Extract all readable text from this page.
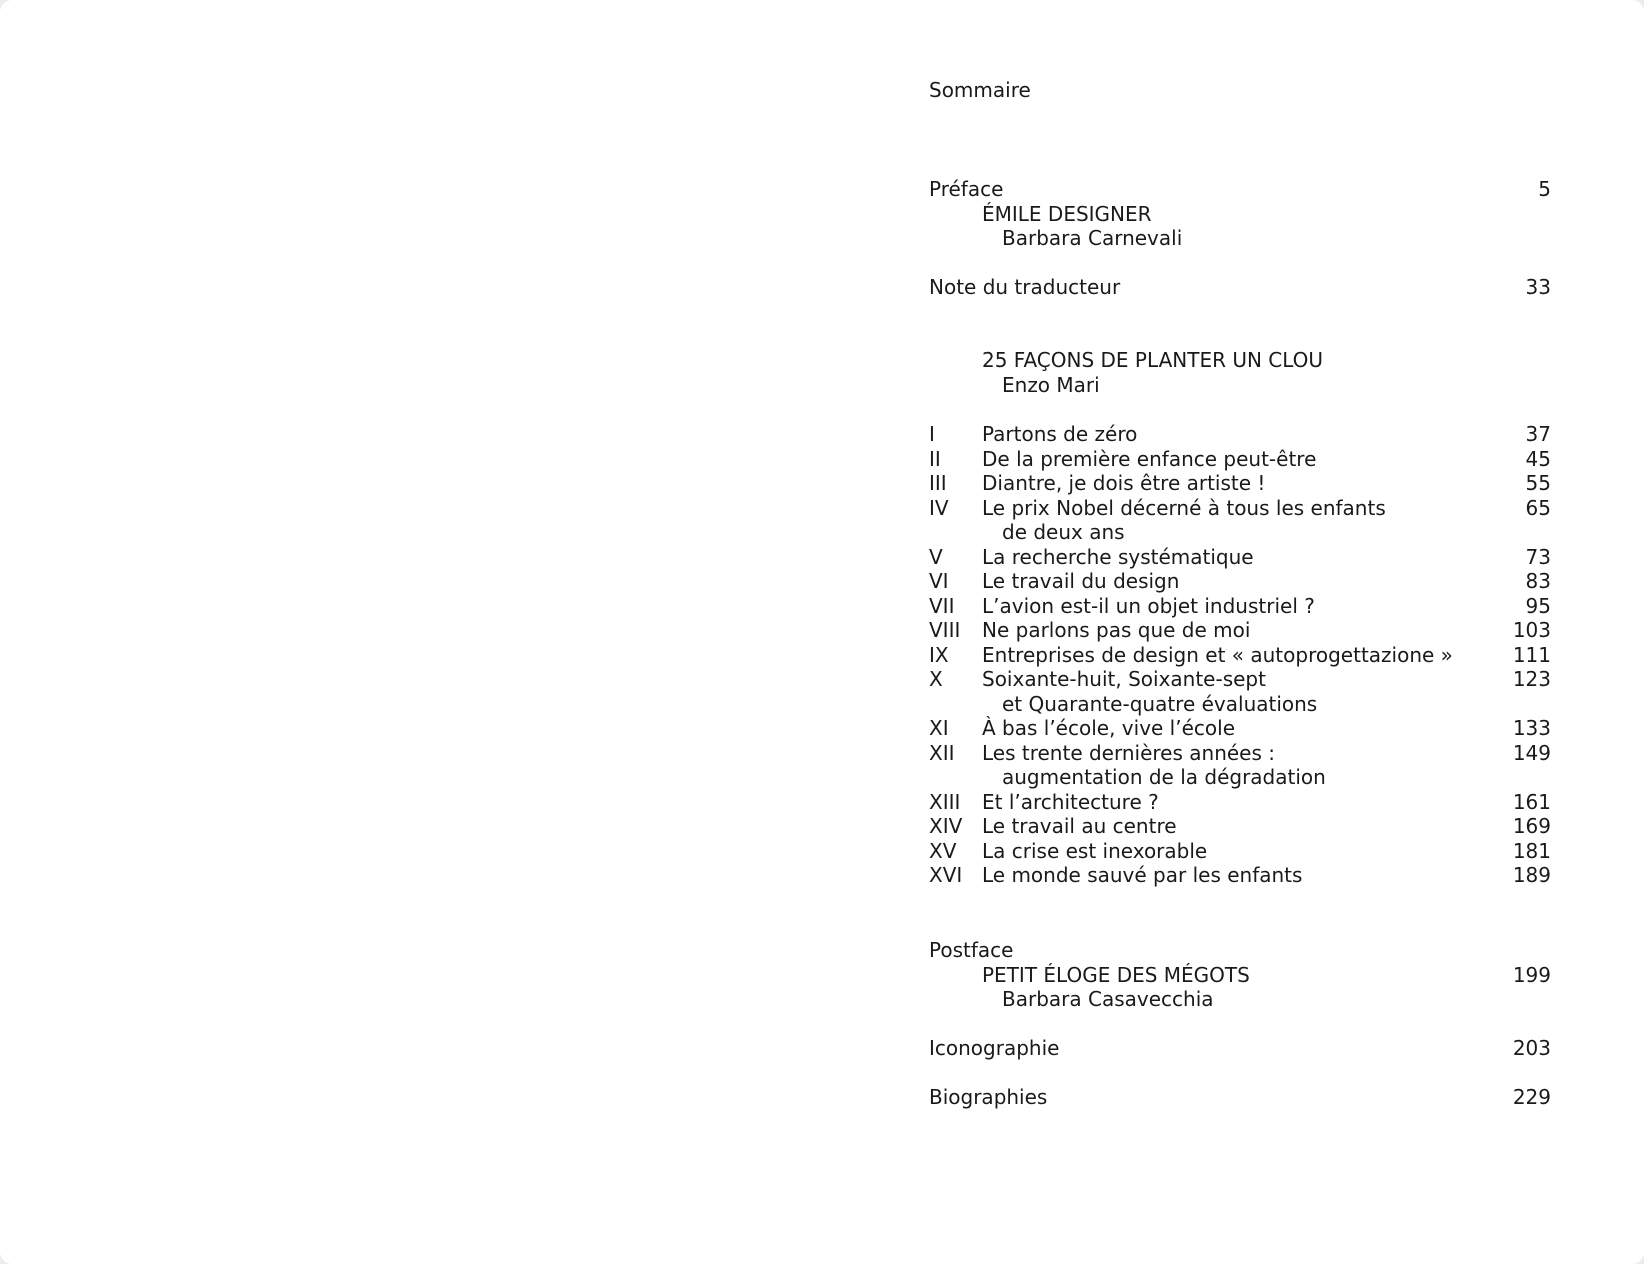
Sommaire
Préface	5
ÉMILE DESIGNER
Barbara Carnevali
Note du traducteur	33
25 FAÇONS DE PLANTER UN CLOU
Enzo Mari
I Partons de zéro	37
II De la première enfance peut-être	45
III Diantre, je dois être artiste !	55
IV Le prix Nobel décerné à tous les enfants	65
de deux ans
V La recherche systématique	73
VI Le travail du design	83
VII L’avion est-il un objet industriel ?	95
VIII Ne parlons pas que de moi	103
IX Entreprises de design et « autoprogettazione »	111
X Soixante-huit, Soixante-sept	123
et Quarante-quatre évaluations
XI À bas l’école, vive l’école	133
XII Les trente dernières années :	149
augmentation de la dégradation
XIII Et l’architecture ?	161
XIV Le travail au centre	169
XV La crise est inexorable	181
XVI Le monde sauvé par les enfants	189
Postface
PETIT ÉLOGE DES MÉGOTS	199
Barbara Casavecchia
Iconographie	203
Biographies	229
